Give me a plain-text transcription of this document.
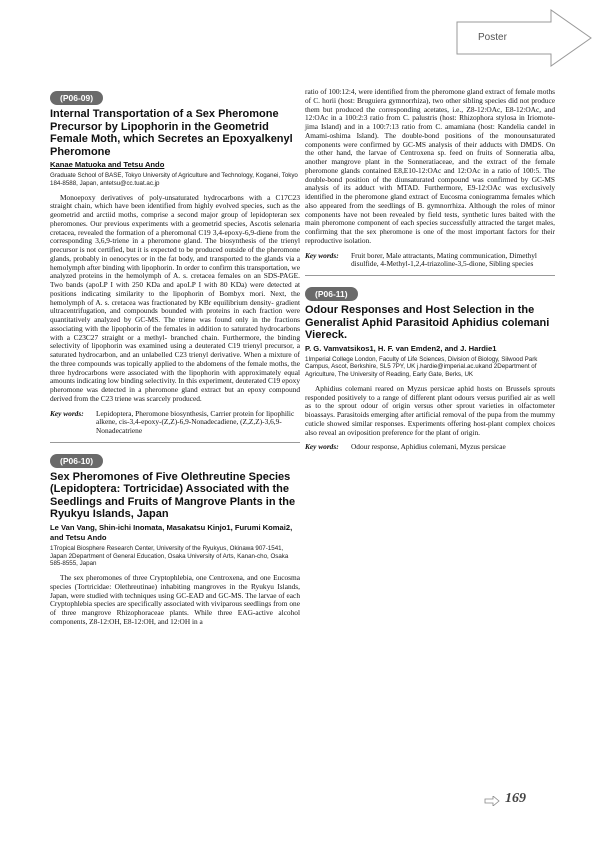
Poster
(P06-09)
Internal Transportation of a Sex Pheromone Precursor by Lipophorin in the Geometrid Female Moth, which Secretes an Epoxyalkenyl Pheromone
Kanae Matuoka and Tetsu Ando
Graduate School of BASE, Tokyo University of Agriculture and Technology, Koganei, Tokyo 184-8588, Japan, antetsu@cc.tuat.ac.jp

Monoepoxy derivatives of poly-unsaturated hydrocarbons with a C17C23 straight chain, which have been identified from highly evolved species, such as the geometrid and arctiid moths, comprise a second major group of lepidopteran sex pheromones. Our previous experiments with a geometrid species, Ascotis selenaria cretacea, revealed the formation of a pheromonal C19 3,4-epoxy-6,9-diene from the corresponding 3,6,9-triene in a pheromone gland. The biosynthesis of the trienyl precursor is not certified, but it is expected to be produced outside of the pheromone glands, probably in oenocytes or in the fat body, and transported to the glands via a hemolymph after binding with lipophorin. In order to confirm this transportation, we analyzed proteins in the hemolymph of A. s. cretacea females on an SDS-PAGE. Two bands (apoLP I with 250 KDa and apoLP I with 80 KDa) were detected at positions indicating similarity to the lipophorin of Bombyx mori. Next, the hemolymph of A. s. cretacea was fractionated by KBr equilibrium density- gradient ultracentrifugation, and compounds bounded with proteins in each fraction were quantitatively analyzed by GC-MS. The triene was found only in the fractions associating with the lipophorin of the females in addition to saturated hydrocarbons with a C23C27 straight or a methyl- branched chain. Furthermore, the binding selectivity of lipophorin was examined using a deuterated C19 trienyl precursor, a saturated hydrocarbon, and an unlabelled C23 trienyl derivative. When a mixture of the three compounds was topically applied to the abdomens of the female moths, the three hydrocarbons were associated with the lipophorin with approximately equal amounts indicating low binding selectivity. In this experiment, deuterated C19 epoxy pheromone was detected in a pheromone gland extract but an epoxy compound derived from the C23 triene was scarcely produced.

Key words:	Lepidoptera, Pheromone biosynthesis, Carrier protein for lipophilic alkene, cis-3,4-epoxy-(Z,Z)-6,9-Nonadecadiene, (Z,Z,Z)-3,6,9-Nonadecatriene
(P06-10)
Sex Pheromones of Five Olethreutine Species (Lepidoptera: Tortricidae) Associated with the Seedlings and Fruits of Mangrove Plants in the Ryukyu Islands, Japan
Le Van Vang, Shin-ichi Inomata, Masakatsu Kinjo1, Furumi Komai2, and Tetsu Ando
1Tropical Biosphere Research Center, University of the Ryukyus, Okinawa 907-1541, Japan 2Department of General Education, Osaka University of Arts, Kanan-cho, Osaka 585-8555, Japan

The sex pheromones of three Cryptophlebia, one Centroxena, and one Eucosma species (Tortricidae: Olethreutinae) inhabiting mangroves in the Ryukyu Islands, Japan, were studied with techniques using GC-EAD and GC-MS. The larvae of each Cryptophlebia species are specifically associated with viviparous seedlings from one of three mangrove Rhizophoraceae plants. While three EAG-active alcohol components, Z8-12:OH, E8-12:OH, and 12:OH in a

ratio of 100:12:4, were identified from the pheromone gland extract of female moths of C. horii (host: Bruguiera gymnorrhiza), two other sibling species did not produce them but produced the corresponding acetates, i.e., Z8-12:OAc, E8-12:OAc, and 12:OAc in a 100:2:3 ratio from C. palustris (host: Rhizophora stylosa in Iriomote-jima Island) and in a 100:7:13 ratio from C. amamiana (host: Kandelia candel in Amami-oshima Island). The double-bond positions of the monounsaturated components were confirmed by GC-MS analysis of their adducts with DMDS. On the other hand, the larvae of Centroxena sp. feed on fruits of Sonneratia alba, another mangrove plant in the Sonneratiaceae, and the extract of the female pheromone glands contained E8,E10-12:OAc and 12:OAc in a ratio of 100:5. The double-bond position of the diunsaturated compound was confirmed by GC-MS analysis of its adduct with MTAD. Furthermore, E9-12:OAc was exclusively identified in the pheromone gland extract of Eucosma coniogramma females which also appeared from the seedlings of B. gymnorrhiza. Although the roles of minor components have not been revealed by field tests, synthetic lures baited with the main pheromone component of each species successfully attracted the target males, confirming that the sex pheromone is one of the most important factors for their reproductive isolation.

Key words:	Fruit borer, Male attractants, Mating communication, Dimethyl disulfide, 4-Methyl-1,2,4-triazoline-3,5-dione, Sibling species
(P06-11)
Odour Responses and Host Selection in the Generalist Aphid Parasitoid Aphidius colemani Viereck.
P. G. Vamvatsikos1, H. F. van Emden2, and J. Hardie1
1Imperial College London, Faculty of Life Sciences, Division of Biology, Silwood Park Campus, Ascot, Berkshire, SL5 7PY, UK j.hardie@imperial.ac.ukand 2Department of Agriculture, The University of Reading, Early Gate, Berks, UK

Aphidius colemani reared on Myzus persicae aphid hosts on Brussels sprouts responded positively to a range of different plant odours versus purified air as well as to the sprout odour of origin versus other sprout varieties in olfactometer bioassays. Parasitoids emerging after artificial removal of the pupa from the mummy cuticle showed similar responses. Experiments offering host-plant complex choices also reveal an oviposition preference for the plant of origin.

Key words:	Odour response, Aphidius colemani, Myzus persicae
169
